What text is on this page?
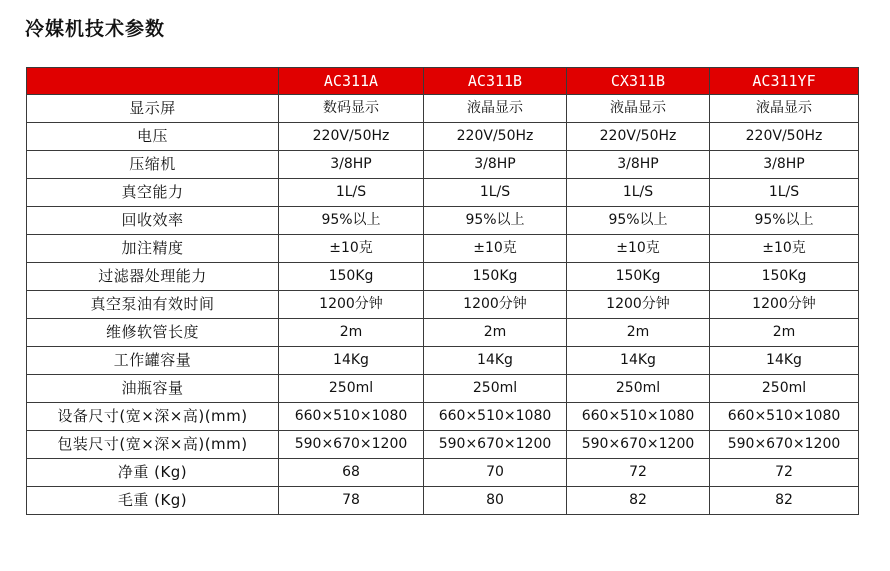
冷媒机技术参数
	AC311A	AC311B	CX311B	AC311YF
显示屏	数码显示	液晶显示	液晶显示	液晶显示
电压	220V/50Hz	220V/50Hz	220V/50Hz	220V/50Hz
压缩机	3/8HP	3/8HP	3/8HP	3/8HP
真空能力	1L/S	1L/S	1L/S	1L/S
回收效率	95%以上	95%以上	95%以上	95%以上
加注精度	±10克	±10克	±10克	±10克
过滤器处理能力	150Kg	150Kg	150Kg	150Kg
真空泵油有效时间	1200分钟	1200分钟	1200分钟	1200分钟
维修软管长度	2m	2m	2m	2m
工作罐容量	14Kg	14Kg	14Kg	14Kg
油瓶容量	250ml	250ml	250ml	250ml
设备尺寸(宽×深×高)(mm)	660×510×1080	660×510×1080	660×510×1080	660×510×1080
包装尺寸(宽×深×高)(mm)	590×670×1200	590×670×1200	590×670×1200	590×670×1200
净重 (Kg)	68	70	72	72
毛重 (Kg)	78	80	82	82
